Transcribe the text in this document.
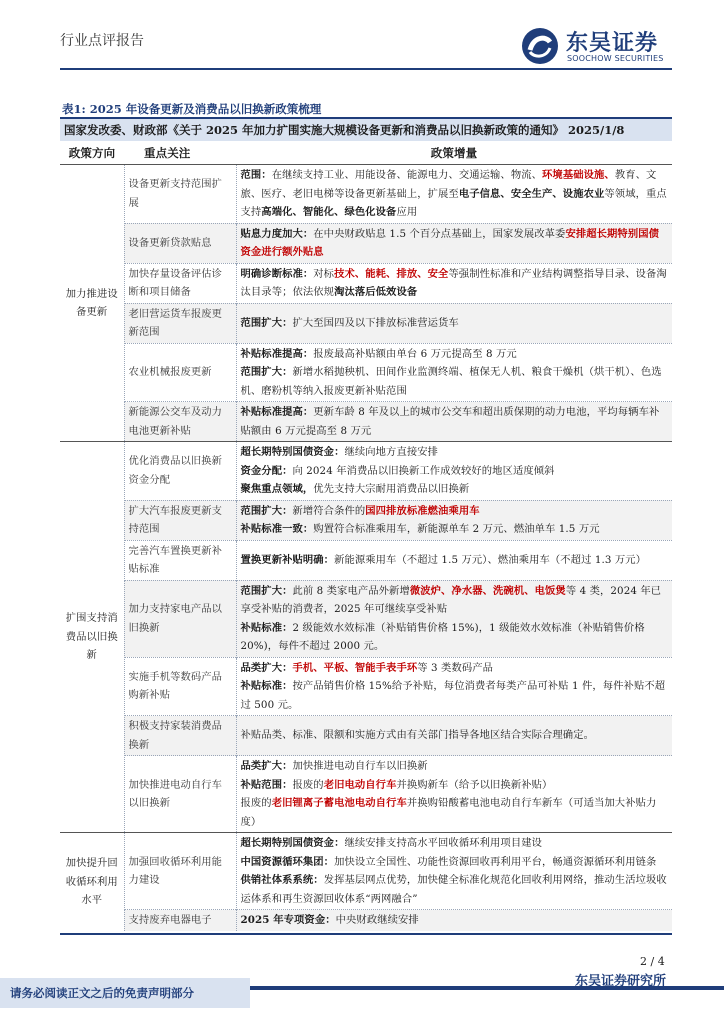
行业点评报告	东吴证券
SOOCHOW SECURITIES
表1: 2025 年设备更新及消费品以旧换新政策梳理
国家发改委、财政部《关于 2025 年加力扩围实施大规模设备更新和消费品以旧换新政策的通知》 2025/1/8
政策方向	重点关注	政策增量
加力推进设备更新	设备更新支持范围扩展	范围：在继续支持工业、用能设备、能源电力、交通运输、物流、环境基础设施、教育、文旅、医疗、老旧电梯等设备更新基础上，扩展至电子信息、安全生产、设施农业等领域，重点支持高端化、智能化、绿色化设备应用
	设备更新贷款贴息	贴息力度加大：在中央财政贴息 1.5 个百分点基础上，国家发展改革委安排超长期特别国债资金进行额外贴息
	加快存量设备评估诊断和项目储备	明确诊断标准：对标技术、能耗、排放、安全等强制性标准和产业结构调整指导目录、设备淘汰目录等；依法依规淘汰落后低效设备
	老旧营运货车报废更新范围	范围扩大：扩大至国四及以下排放标准营运货车
	农业机械报废更新	补贴标准提高：报废最高补贴额由单台 6 万元提高至 8 万元
范围扩大：新增水稻抛秧机、田间作业监测终端、植保无人机、粮食干燥机（烘干机）、色选机、磨粉机等纳入报废更新补贴范围
	新能源公交车及动力电池更新补贴	补贴标准提高：更新车龄 8 年及以上的城市公交车和超出质保期的动力电池，平均每辆车补贴额由 6 万元提高至 8 万元
扩围支持消费品以旧换新	优化消费品以旧换新资金分配	超长期特别国债资金：继续向地方直接安排
资金分配：向 2024 年消费品以旧换新工作成效较好的地区适度倾斜
聚焦重点领域，优先支持大宗耐用消费品以旧换新
	扩大汽车报废更新支持范围	范围扩大：新增符合条件的国四排放标准燃油乘用车
补贴标准一致：购置符合标准乘用车，新能源单车 2 万元、燃油单车 1.5 万元
	完善汽车置换更新补贴标准	置换更新补贴明确：新能源乘用车（不超过 1.5 万元）、燃油乘用车（不超过 1.3 万元）
	加力支持家电产品以旧换新	范围扩大：此前 8 类家电产品外新增微波炉、净水器、洗碗机、电饭煲等 4 类，2024 年已享受补贴的消费者，2025 年可继续享受补贴
补贴标准：2 级能效水效标准（补贴销售价格 15%)，1 级能效水效标准（补贴销售价格 20%)，每件不超过 2000 元。
	实施手机等数码产品购新补贴	品类扩大：手机、平板、智能手表手环等 3 类数码产品
补贴标准：按产品销售价格 15%给予补贴，每位消费者每类产品可补贴 1 件，每件补贴不超过 500 元。
	积极支持家装消费品换新	补贴品类、标准、限额和实施方式由有关部门指导各地区结合实际合理确定。
	加快推进电动自行车以旧换新	品类扩大：加快推进电动自行车以旧换新
补贴范围：报废的老旧电动自行车并换购新车（给予以旧换新补贴）
报废的老旧锂离子蓄电池电动自行车并换购铅酸蓄电池电动自行车新车（可适当加大补贴力度）
加快提升回收循环利用水平	加强回收循环利用能力建设	超长期特别国债资金：继续安排支持高水平回收循环利用项目建设
中国资源循环集团：加快设立全国性、功能性资源回收再利用平台，畅通资源循环利用链条
供销社体系系统：发挥基层网点优势，加快健全标准化规范化回收利用网络，推动生活垃圾收运体系和再生资源回收体系“两网融合”
	支持废弃电器电子	2025 年专项资金：中央财政继续安排
2 / 4
请务必阅读正文之后的免责声明部分
东吴证券研究所
